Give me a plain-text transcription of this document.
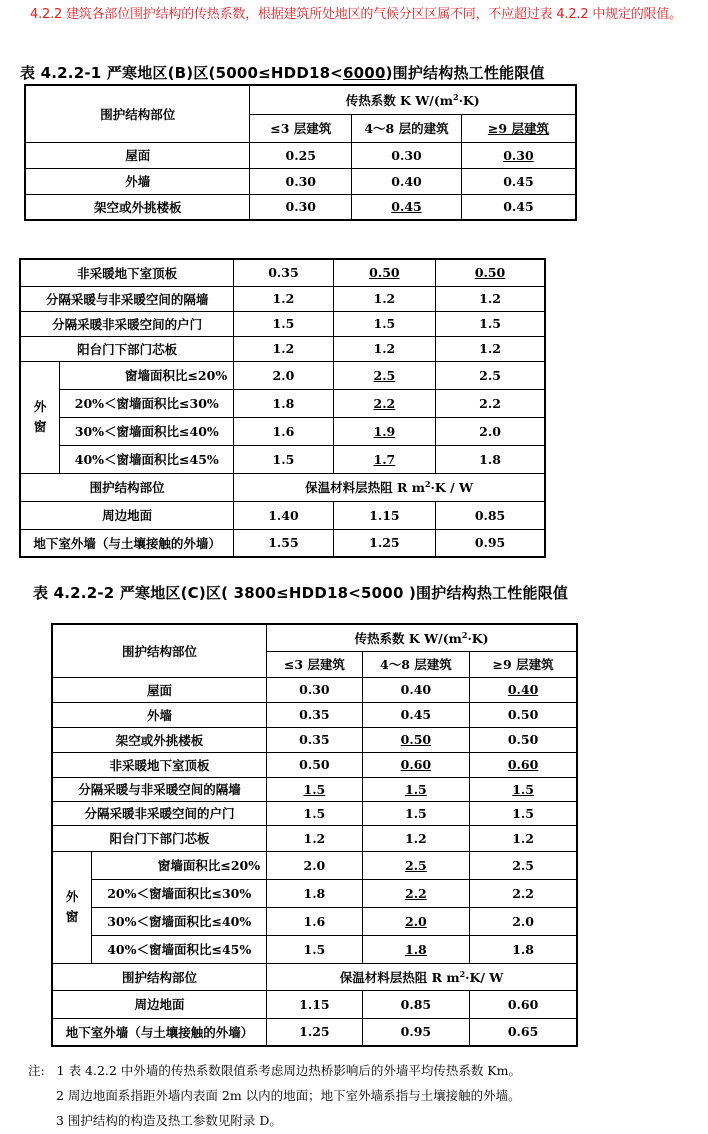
4.2.2 建筑各部位围护结构的传热系数，根据建筑所处地区的气候分区区属不同，不应超过表 4.2.2 中规定的限值。
表 4.2.2-1 严寒地区(B)区(5000≤HDD18<6000)围护结构热工性能限值
围护结构部位	传热系数 K $W/(m^2\cdot K)$		
	≤3 层建筑	4～8 层的建筑	≥9 层建筑
屋面	0.25	0.30	0.30
外墙	0.30	0.40	0.45
架空或外挑楼板	0.30	0.45	0.45
非采暖地下室顶板		0.35	0.50	0.50
分隔采暖与非采暖空间的隔墙		1.2	1.2	1.2
分隔采暖非采暖空间的户门		1.5	1.5	1.5
阳台门下部门芯板		1.2	1.2	1.2
外
窗	窗墙面积比≤20%	2.0	2.5	2.5
	20%＜窗墙面积比≤30%	1.8	2.2	2.2
	30%＜窗墙面积比≤40%	1.6	1.9	2.0
	40%＜窗墙面积比≤45%	1.5	1.7	1.8
围护结构部位		保温材料层热阻 R $m^2\cdot K / W$		
周边地面		1.40	1.15	0.85
地下室外墙（与土壤接触的外墙）		1.55	1.25	0.95
表 4.2.2-2 严寒地区(C)区( 3800≤HDD18<5000 )围护结构热工性能限值
围护结构部位		传热系数 K $W/(m^2\cdot K)$		
		≤3 层建筑	4～8 层建筑	≥9 层建筑
屋面		0.30	0.40	0.40
外墙		0.35	0.45	0.50
架空或外挑楼板		0.35	0.50	0.50
非采暖地下室顶板		0.50	0.60	0.60
分隔采暖与非采暖空间的隔墙		1.5	1.5	1.5
分隔采暖非采暖空间的户门		1.5	1.5	1.5
阳台门下部门芯板		1.2	1.2	1.2
外
窗	窗墙面积比≤20%	2.0	2.5	2.5
	20%＜窗墙面积比≤30%	1.8	2.2	2.2
	30%＜窗墙面积比≤40%	1.6	2.0	2.0
	40%＜窗墙面积比≤45%	1.5	1.8	1.8
围护结构部位		保温材料层热阻 R $m^2\cdot K/$ W		
周边地面		1.15	0.85	0.60
地下室外墙（与土壤接触的外墙）		1.25	0.95	0.65
注: 1 表 4.2.2 中外墙的传热系数限值系考虑周边热桥影响后的外墙平均传热系数 Km。
2 周边地面系指距外墙内表面 2m 以内的地面；地下室外墙系指与土壤接触的外墙。
3 围护结构的构造及热工参数见附录 D。
